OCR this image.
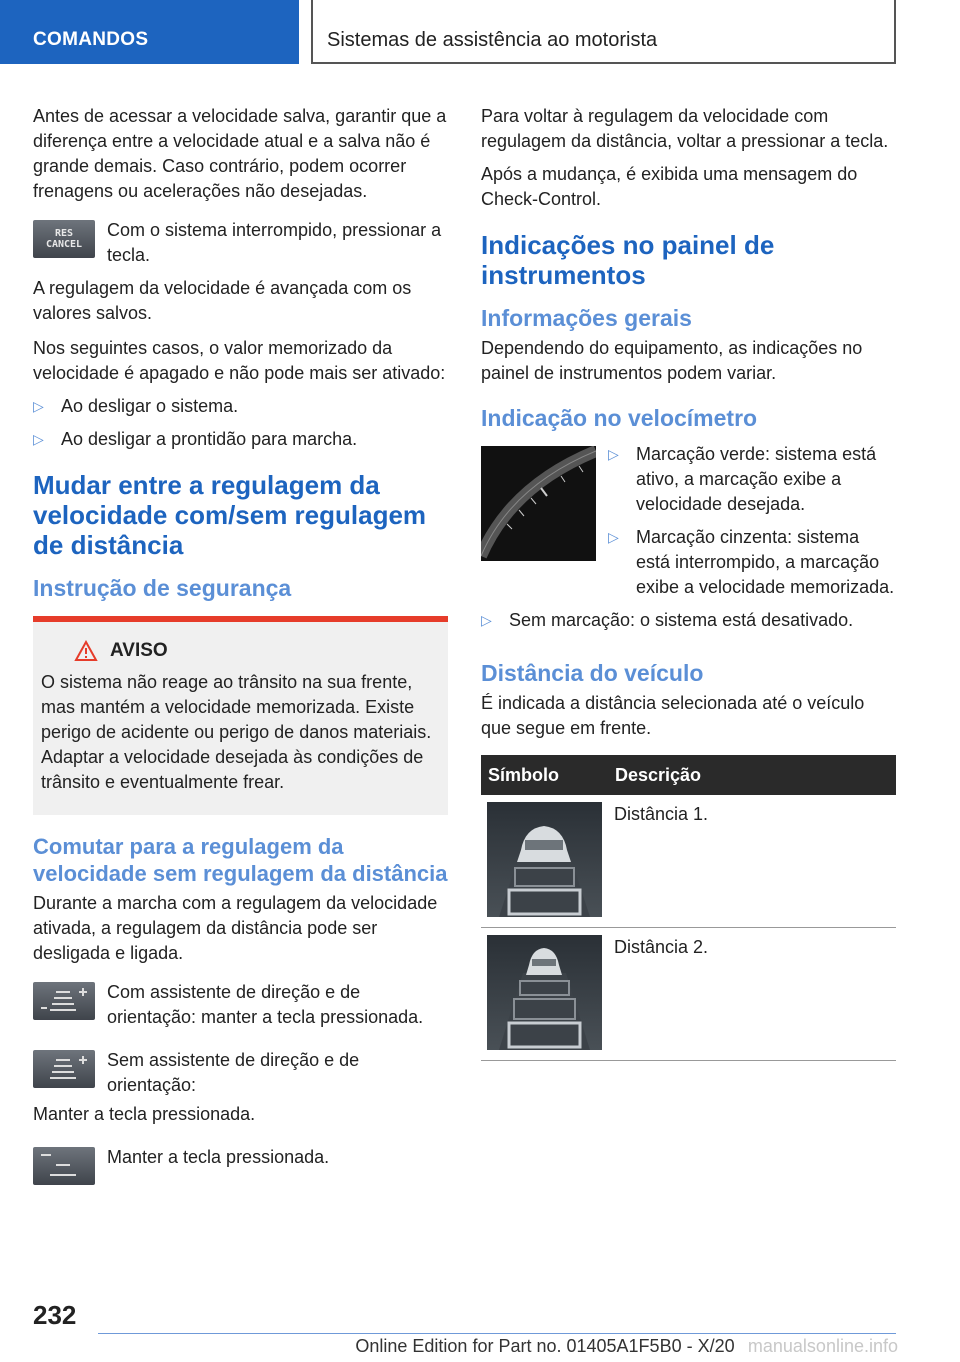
COMANDOS	Sistemas de assistência ao motorista

Antes de acessar a velocidade salva, garantir que a diferença entre a velocidade atual e a salva não é grande demais. Caso contrário, podem ocorrer frenagens ou acelerações não desejadas.

RES
CANCEL

Com o sistema interrompido, pressionar a tecla.

A regulagem da velocidade é avançada com os valores salvos.

Nos seguintes casos, o valor memorizado da velocidade é apagado e não pode mais ser ativado:

▷ Ao desligar o sistema.

▷ Ao desligar a prontidão para marcha.

Mudar entre a regulagem da velocidade com/sem regulagem de distância
Instrução de segurança
AVISO

O sistema não reage ao trânsito na sua frente, mas mantém a velocidade memorizada. Existe perigo de acidente ou perigo de danos materiais. Adaptar a velocidade desejada às condições de trânsito e eventualmente frear.

Comutar para a regulagem da velocidade sem regulagem da distância

Durante a marcha com a regulagem da velocidade ativada, a regulagem da distância pode ser desligada e ligada.

Com assistente de direção e de orientação: manter a tecla pressionada.

Sem assistente de direção e de orientação:

Manter a tecla pressionada.

Manter a tecla pressionada.

Para voltar à regulagem da velocidade com regulagem da distância, voltar a pressionar a tecla.

Após a mudança, é exibida uma mensagem do Check-Control.

Indicações no painel de instrumentos
Informações gerais

Dependendo do equipamento, as indicações no painel de instrumentos podem variar.

Indicação no velocímetro
▷ Marcação verde: sistema está ativo, a marcação exibe a velocidade desejada.

▷ Marcação cinzenta: sistema está interrompido, a marcação exibe a velocidade memorizada.

▷ Sem marcação: o sistema está desativado.

Distância do veículo

É indicada a distância selecionada até o veículo que segue em frente.

Símbolo	Descrição

	Distância 1.

	Distância 2.
232
Online Edition for Part no. 01405A1F5B0 - X/20 manualsonline.info
